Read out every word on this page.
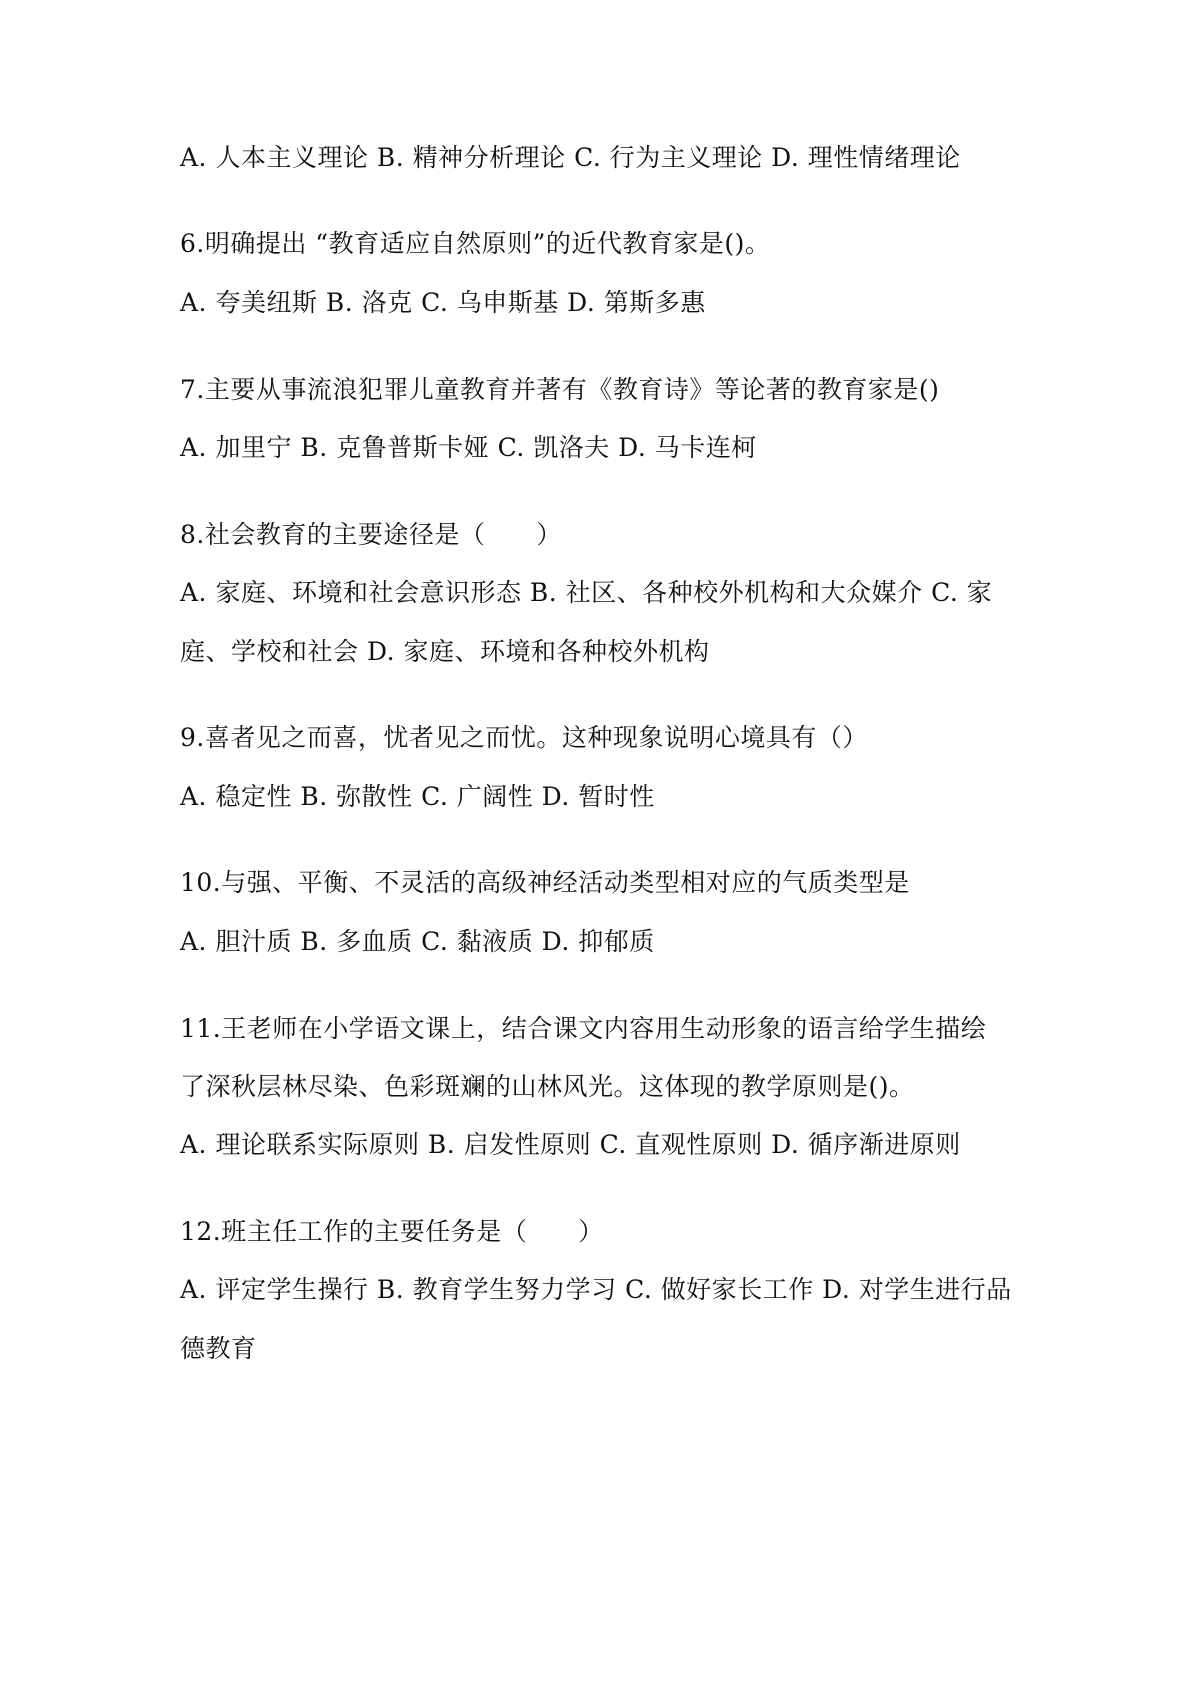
A. 人本主义理论 B. 精神分析理论 C. 行为主义理论 D. 理性情绪理论
6.明确提出 “教育适应自然原则”的近代教育家是()。
A. 夸美纽斯 B. 洛克 C. 乌申斯基 D. 第斯多惠
7.主要从事流浪犯罪儿童教育并著有《教育诗》等论著的教育家是()
A. 加里宁 B. 克鲁普斯卡娅 C. 凯洛夫 D. 马卡连柯
8.社会教育的主要途径是（　　）
A. 家庭、环境和社会意识形态 B. 社区、各种校外机构和大众媒介 C. 家
庭、学校和社会 D. 家庭、环境和各种校外机构
9.喜者见之而喜，忧者见之而忧。这种现象说明心境具有（）
A. 稳定性 B. 弥散性 C. 广阔性 D. 暂时性
10.与强、平衡、不灵活的高级神经活动类型相对应的气质类型是
A. 胆汁质 B. 多血质 C. 黏液质 D. 抑郁质
11.王老师在小学语文课上，结合课文内容用生动形象的语言给学生描绘
了深秋层林尽染、色彩斑斓的山林风光。这体现的教学原则是()。
A. 理论联系实际原则 B. 启发性原则 C. 直观性原则 D. 循序渐进原则
12.班主任工作的主要任务是（　　）
A. 评定学生操行 B. 教育学生努力学习 C. 做好家长工作 D. 对学生进行品
德教育
